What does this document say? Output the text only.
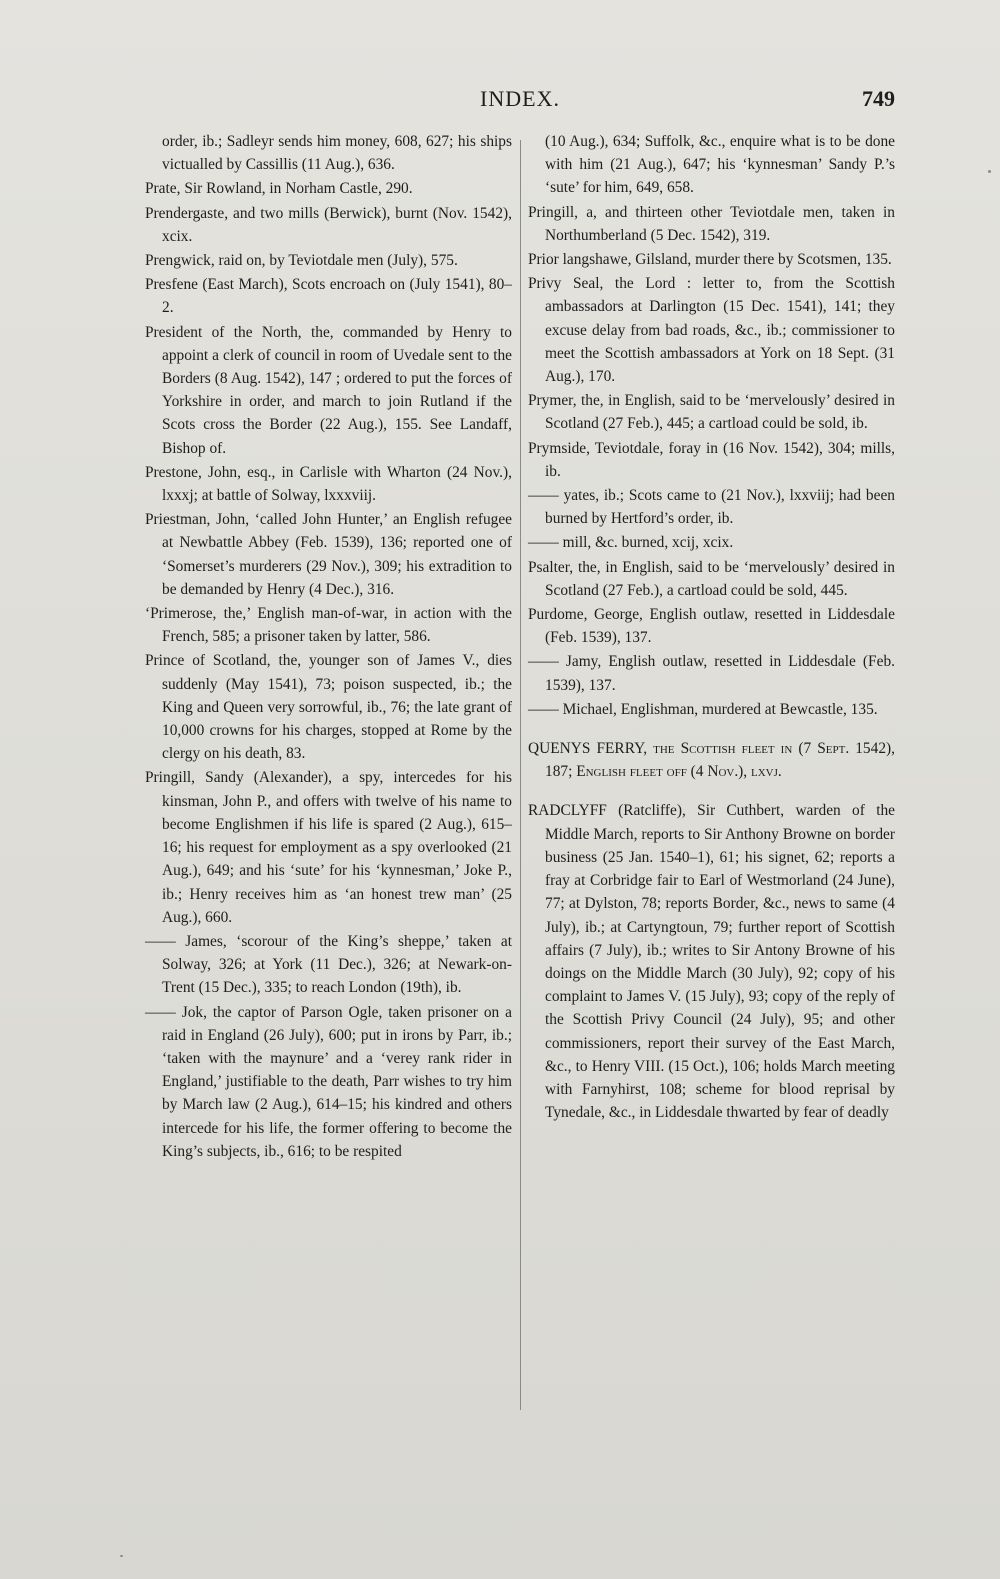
INDEX.	749

order, ib.; Sadleyr sends him money, 608, 627; his ships victualled by Cassillis (11 Aug.), 636.

Prate, Sir Rowland, in Norham Castle, 290.

Prendergaste, and two mills (Berwick), burnt (Nov. 1542), xcix.

Prengwick, raid on, by Teviotdale men (July), 575.

Presfene (East March), Scots encroach on (July 1541), 80–2.

President of the North, the, commanded by Henry to appoint a clerk of council in room of Uvedale sent to the Borders (8 Aug. 1542), 147 ; ordered to put the forces of Yorkshire in order, and march to join Rutland if the Scots cross the Border (22 Aug.), 155. See Landaff, Bishop of.

Prestone, John, esq., in Carlisle with Wharton (24 Nov.), lxxxj; at battle of Solway, lxxxviij.

Priestman, John, ‘called John Hunter,’ an English refugee at Newbattle Abbey (Feb. 1539), 136; reported one of ‘Somerset’s murderers (29 Nov.), 309; his extradition to be demanded by Henry (4 Dec.), 316.

‘Primerose, the,’ English man-of-war, in action with the French, 585; a prisoner taken by latter, 586.

Prince of Scotland, the, younger son of James V., dies suddenly (May 1541), 73; poison suspected, ib.; the King and Queen very sorrowful, ib., 76; the late grant of 10,000 crowns for his charges, stopped at Rome by the clergy on his death, 83.

Pringill, Sandy (Alexander), a spy, intercedes for his kinsman, John P., and offers with twelve of his name to become Englishmen if his life is spared (2 Aug.), 615–16; his request for employment as a spy overlooked (21 Aug.), 649; and his ‘sute’ for his ‘kynnesman,’ Joke P., ib.; Henry receives him as ‘an honest trew man’ (25 Aug.), 660.

—— James, ‘scorour of the King’s sheppe,’ taken at Solway, 326; at York (11 Dec.), 326; at Newark-on-Trent (15 Dec.), 335; to reach London (19th), ib.

—— Jok, the captor of Parson Ogle, taken prisoner on a raid in England (26 July), 600; put in irons by Parr, ib.; ‘taken with the maynure’ and a ‘verey rank rider in England,’ justifiable to the death, Parr wishes to try him by March law (2 Aug.), 614–15; his kindred and others intercede for his life, the former offering to become the King’s subjects, ib., 616; to be respited

(10 Aug.), 634; Suffolk, &c., enquire what is to be done with him (21 Aug.), 647; his ‘kynnesman’ Sandy P.’s ‘sute’ for him, 649, 658.

Pringill, a, and thirteen other Teviotdale men, taken in Northumberland (5 Dec. 1542), 319.

Prior langshawe, Gilsland, murder there by Scotsmen, 135.

Privy Seal, the Lord : letter to, from the Scottish ambassadors at Darlington (15 Dec. 1541), 141; they excuse delay from bad roads, &c., ib.; commissioner to meet the Scottish ambassadors at York on 18 Sept. (31 Aug.), 170.

Prymer, the, in English, said to be ‘mervelously’ desired in Scotland (27 Feb.), 445; a cartload could be sold, ib.

Prymside, Teviotdale, foray in (16 Nov. 1542), 304; mills, ib.

—— yates, ib.; Scots came to (21 Nov.), lxxviij; had been burned by Hertford’s order, ib.

—— mill, &c. burned, xcij, xcix.

Psalter, the, in English, said to be ‘mervelously’ desired in Scotland (27 Feb.), a cartload could be sold, 445.

Purdome, George, English outlaw, resetted in Liddesdale (Feb. 1539), 137.

—— Jamy, English outlaw, resetted in Liddesdale (Feb. 1539), 137.

—— Michael, Englishman, murdered at Bewcastle, 135.

QUENYS FERRY, the Scottish fleet in (7 Sept. 1542), 187; English fleet off (4 Nov.), lxvj.

RADCLYFF (Ratcliffe), Sir Cuthbert, warden of the Middle March, reports to Sir Anthony Browne on border business (25 Jan. 1540–1), 61; his signet, 62; reports a fray at Corbridge fair to Earl of Westmorland (24 June), 77; at Dylston, 78; reports Border, &c., news to same (4 July), ib.; at Cartyngtoun, 79; further report of Scottish affairs (7 July), ib.; writes to Sir Antony Browne of his doings on the Middle March (30 July), 92; copy of his complaint to James V. (15 July), 93; copy of the reply of the Scottish Privy Council (24 July), 95; and other commissioners, report their survey of the East March, &c., to Henry VIII. (15 Oct.), 106; holds March meeting with Farnyhirst, 108; scheme for blood reprisal by Tynedale, &c., in Liddesdale thwarted by fear of deadly
